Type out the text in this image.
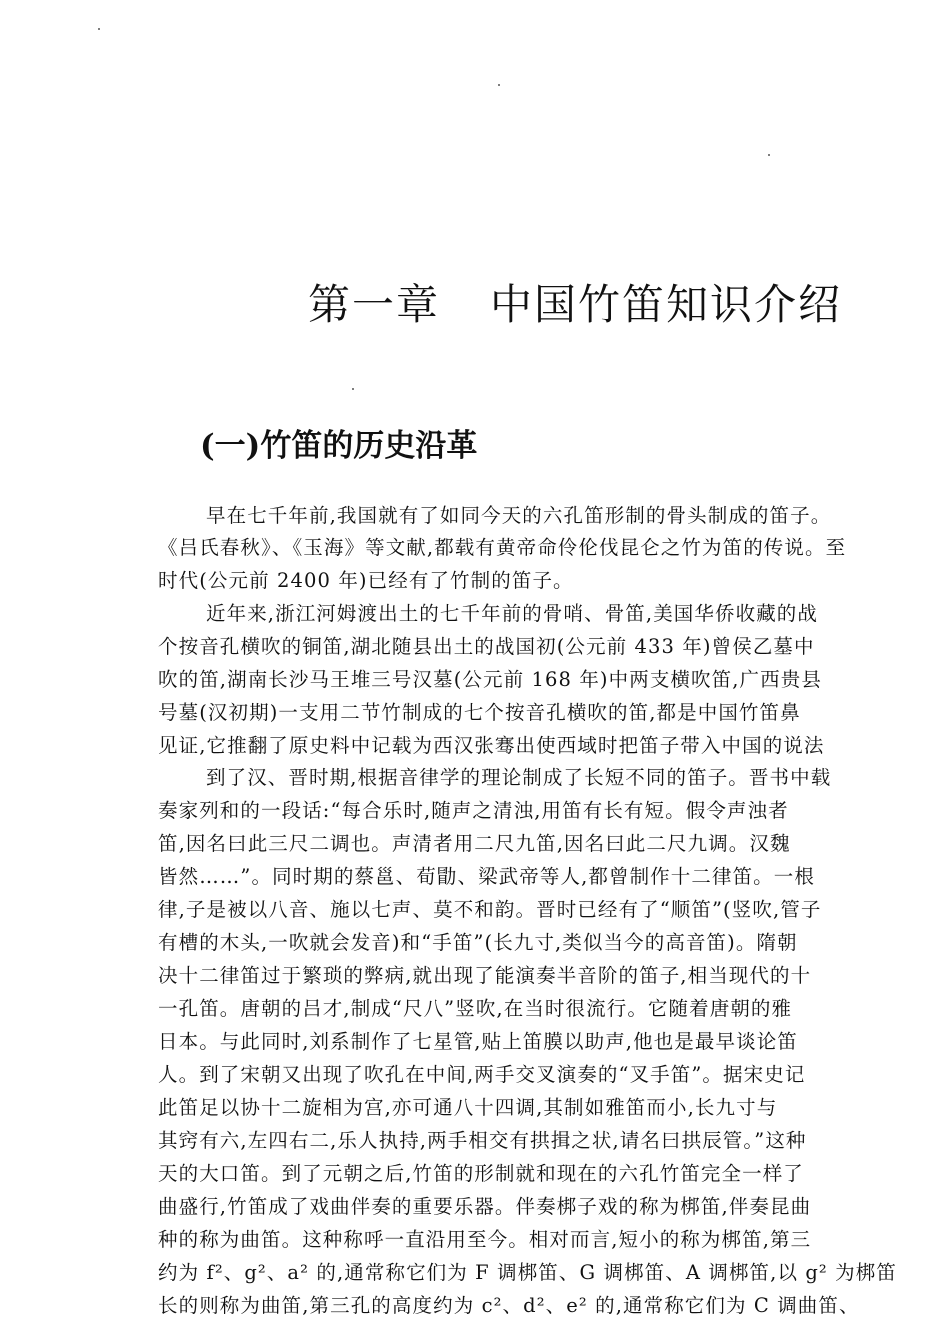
第一章 中国竹笛知识介绍
(一)竹笛的历史沿革
早在七千年前,我国就有了如同今天的六孔笛形制的骨头制成的笛子。
《吕氏春秋》、《玉海》等文献,都载有黄帝命伶伦伐昆仑之竹为笛的传说。至
时代(公元前 2400 年)已经有了竹制的笛子。
近年来,浙江河姆渡出土的七千年前的骨哨、骨笛,美国华侨收藏的战
个按音孔横吹的铜笛,湖北随县出土的战国初(公元前 433 年)曾侯乙墓中
吹的笛,湖南长沙马王堆三号汉墓(公元前 168 年)中两支横吹笛,广西贵县
号墓(汉初期)一支用二节竹制成的七个按音孔横吹的笛,都是中国竹笛鼻
见证,它推翻了原史料中记载为西汉张骞出使西域时把笛子带入中国的说法
到了汉、晋时期,根据音律学的理论制成了长短不同的笛子。晋书中载
奏家列和的一段话:“每合乐时,随声之清浊,用笛有长有短。假令声浊者
笛,因名曰此三尺二调也。声清者用二尺九笛,因名曰此二尺九调。汉魏
皆然……”。同时期的蔡邕、荀勖、梁武帝等人,都曾制作十二律笛。一根
律,子是被以八音、施以七声、莫不和韵。晋时已经有了“顺笛”(竖吹,管子
有槽的木头,一吹就会发音)和“手笛”(长九寸,类似当今的高音笛)。隋朝
决十二律笛过于繁琐的弊病,就出现了能演奏半音阶的笛子,相当现代的十
一孔笛。唐朝的吕才,制成“尺八”竖吹,在当时很流行。它随着唐朝的雅
日本。与此同时,刘系制作了七星管,贴上笛膜以助声,他也是最早谈论笛
人。到了宋朝又出现了吹孔在中间,两手交叉演奏的“叉手笛”。据宋史记
此笛足以协十二旋相为宫,亦可通八十四调,其制如雅笛而小,长九寸与
其窍有六,左四右二,乐人执持,两手相交有拱揖之状,请名曰拱辰管。”这种
天的大口笛。到了元朝之后,竹笛的形制就和现在的六孔竹笛完全一样了
曲盛行,竹笛成了戏曲伴奏的重要乐器。伴奏梆子戏的称为梆笛,伴奏昆曲
种的称为曲笛。这种称呼一直沿用至今。相对而言,短小的称为梆笛,第三
约为 f²、g²、a² 的,通常称它们为 F 调梆笛、G 调梆笛、A 调梆笛,以 g² 为梆笛
长的则称为曲笛,第三孔的高度约为 c²、d²、e² 的,通常称它们为 C 调曲笛、
